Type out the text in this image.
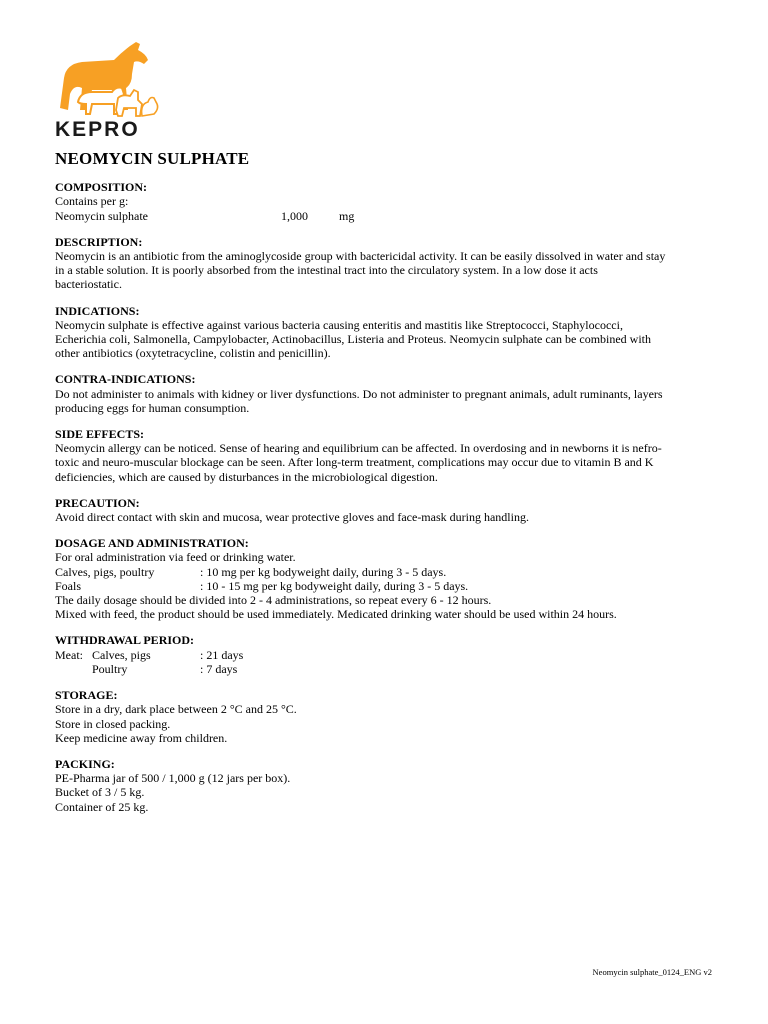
KEPRO
NEOMYCIN SULPHATE
COMPOSITION:
Contains per g:
Neomycin sulphate	1,000	mg
DESCRIPTION:
Neomycin is an antibiotic from the aminoglycoside group with bactericidal activity. It can be easily dissolved in water and stay
in a stable solution. It is poorly absorbed from the intestinal tract into the circulatory system. In a low dose it acts
bacteriostatic.
INDICATIONS:
Neomycin sulphate is effective against various bacteria causing enteritis and mastitis like Streptococci, Staphylococci,
Echerichia coli, Salmonella, Campylobacter, Actinobacillus, Listeria and Proteus. Neomycin sulphate can be combined with
other antibiotics (oxytetracycline, colistin and penicillin).
CONTRA-INDICATIONS:
Do not administer to animals with kidney or liver dysfunctions. Do not administer to pregnant animals, adult ruminants, layers
producing eggs for human consumption.
SIDE EFFECTS:
Neomycin allergy can be noticed. Sense of hearing and equilibrium can be affected. In overdosing and in newborns it is nefro-
toxic and neuro-muscular blockage can be seen. After long-term treatment, complications may occur due to vitamin B and K
deficiencies, which are caused by disturbances in the microbiological digestion.
PRECAUTION:
Avoid direct contact with skin and mucosa, wear protective gloves and face-mask during handling.
DOSAGE AND ADMINISTRATION:
For oral administration via feed or drinking water.
Calves, pigs, poultry	: 10 mg per kg bodyweight daily, during 3 - 5 days.
Foals	: 10 - 15 mg per kg bodyweight daily, during 3 - 5 days.
The daily dosage should be divided into 2 - 4 administrations, so repeat every 6 - 12 hours.
Mixed with feed, the product should be used immediately. Medicated drinking water should be used within 24 hours.
WITHDRAWAL PERIOD:
Meat: Calves, pigs	: 21 days
Poultry	: 7 days
STORAGE:
Store in a dry, dark place between 2 °C and 25 °C.
Store in closed packing.
Keep medicine away from children.
PACKING:
PE-Pharma jar of 500 / 1,000 g (12 jars per box).
Bucket of 3 / 5 kg.
Container of 25 kg.
Neomycin sulphate_0124_ENG v2
